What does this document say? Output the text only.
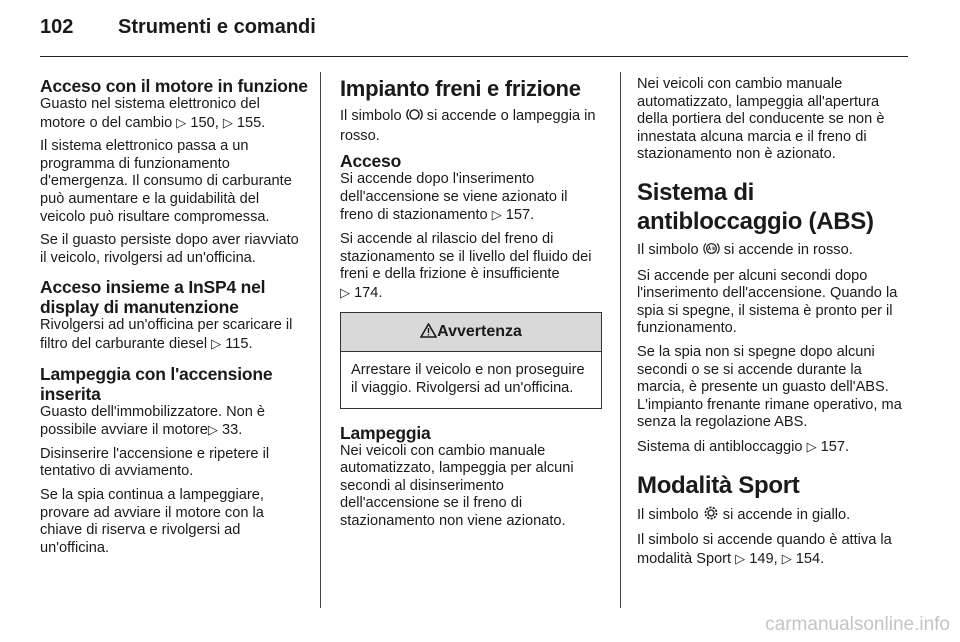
102 Strumenti e comandi
Acceso con il motore in funzione

Guasto nel sistema elettronico del motore o del cambio ▷ 150, ▷ 155.

Il sistema elettronico passa a un programma di funzionamento d'emergenza. Il consumo di carburante può aumentare e la guidabilità del veicolo può risultare compromessa.

Se il guasto persiste dopo aver riavviato il veicolo, rivolgersi ad un'officina.

Acceso insieme a InSP4 nel display di manutenzione

Rivolgersi ad un'officina per scaricare il filtro del carburante diesel ▷ 115.

Lampeggia con l'accensione inserita

Guasto dell'immobilizzatore. Non è possibile avviare il motore▷ 33.

Disinserire l'accensione e ripetere il tentativo di avviamento.

Se la spia continua a lampeggiare, provare ad avviare il motore con la chiave di riserva e rivolgersi ad un'officina.

Impianto freni e frizione

Il simbolo si accende o lampeggia in rosso.

Acceso

Si accende dopo l'inserimento dell'accensione se viene azionato il freno di stazionamento ▷ 157.

Si accende al rilascio del freno di stazionamento se il livello del fluido dei freni e della frizione è insufficiente
▷ 174.

Avvertenza
Arrestare il veicolo e non proseguire il viaggio. Rivolgersi ad un'officina.
Lampeggia

Nei veicoli con cambio manuale automatizzato, lampeggia per alcuni secondi al disinserimento dell'accensione se il freno di stazionamento non viene azionato.

Nei veicoli con cambio manuale automatizzato, lampeggia all'apertura della portiera del conducente se non è innestata alcuna marcia e il freno di stazionamento non è azionato.

Sistema di antibloccaggio (ABS)

Il simbolo si accende in rosso.

Si accende per alcuni secondi dopo l'inserimento dell'accensione. Quando la spia si spegne, il sistema è pronto per il funzionamento.

Se la spia non si spegne dopo alcuni secondi o se si accende durante la marcia, è presente un guasto dell'ABS. L'impianto frenante rimane operativo, ma senza la regolazione ABS.

Sistema di antibloccaggio ▷ 157.

Modalità Sport

Il simbolo si accende in giallo.

Il simbolo si accende quando è attiva la modalità Sport ▷ 149, ▷ 154.

carmanualsonline.info
